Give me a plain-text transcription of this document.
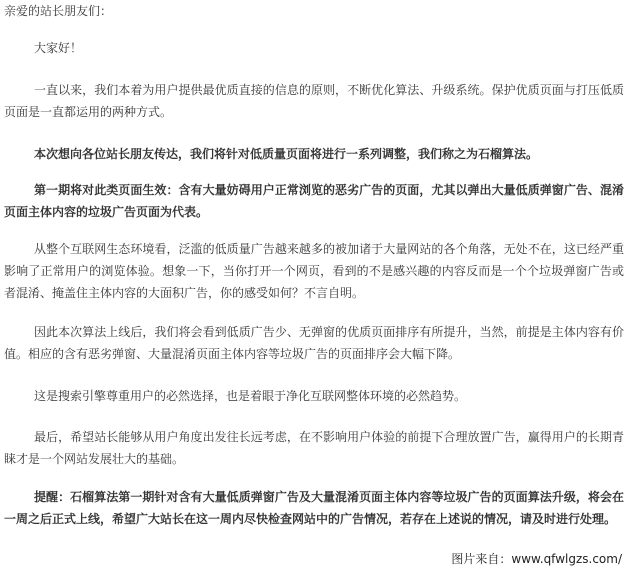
亲爱的站长朋友们：

大家好！

一直以来，我们本着为用户提供最优质直接的信息的原则，不断优化算法、升级系统。保护优质页面与打压低质页面是一直都运用的两种方式。

本次想向各位站长朋友传达，我们将针对低质量页面将进行一系列调整，我们称之为石榴算法。

第一期将对此类页面生效：含有大量妨碍用户正常浏览的恶劣广告的页面，尤其以弹出大量低质弹窗广告、混淆页面主体内容的垃圾广告页面为代表。

从整个互联网生态环境看，泛滥的低质量广告越来越多的被加诸于大量网站的各个角落，无处不在，这已经严重影响了正常用户的浏览体验。想象一下，当你打开一个网页，看到的不是感兴趣的内容反而是一个个垃圾弹窗广告或者混淆、掩盖住主体内容的大面积广告，你的感受如何？不言自明。

因此本次算法上线后，我们将会看到低质广告少、无弹窗的优质页面排序有所提升，当然，前提是主体内容有价值。相应的含有恶劣弹窗、大量混淆页面主体内容等垃圾广告的页面排序会大幅下降。

这是搜索引擎尊重用户的必然选择，也是着眼于净化互联网整体环境的必然趋势。

最后，希望站长能够从用户角度出发往长远考虑，在不影响用户体验的前提下合理放置广告，赢得用户的长期青睐才是一个网站发展壮大的基础。

提醒：石榴算法第一期针对含有大量低质弹窗广告及大量混淆页面主体内容等垃圾广告的页面算法升级，将会在一周之后正式上线，希望广大站长在这一周内尽快检查网站中的广告情况，若存在上述说的情况，请及时进行处理。

图片来自：www.qfwlgzs.com/
